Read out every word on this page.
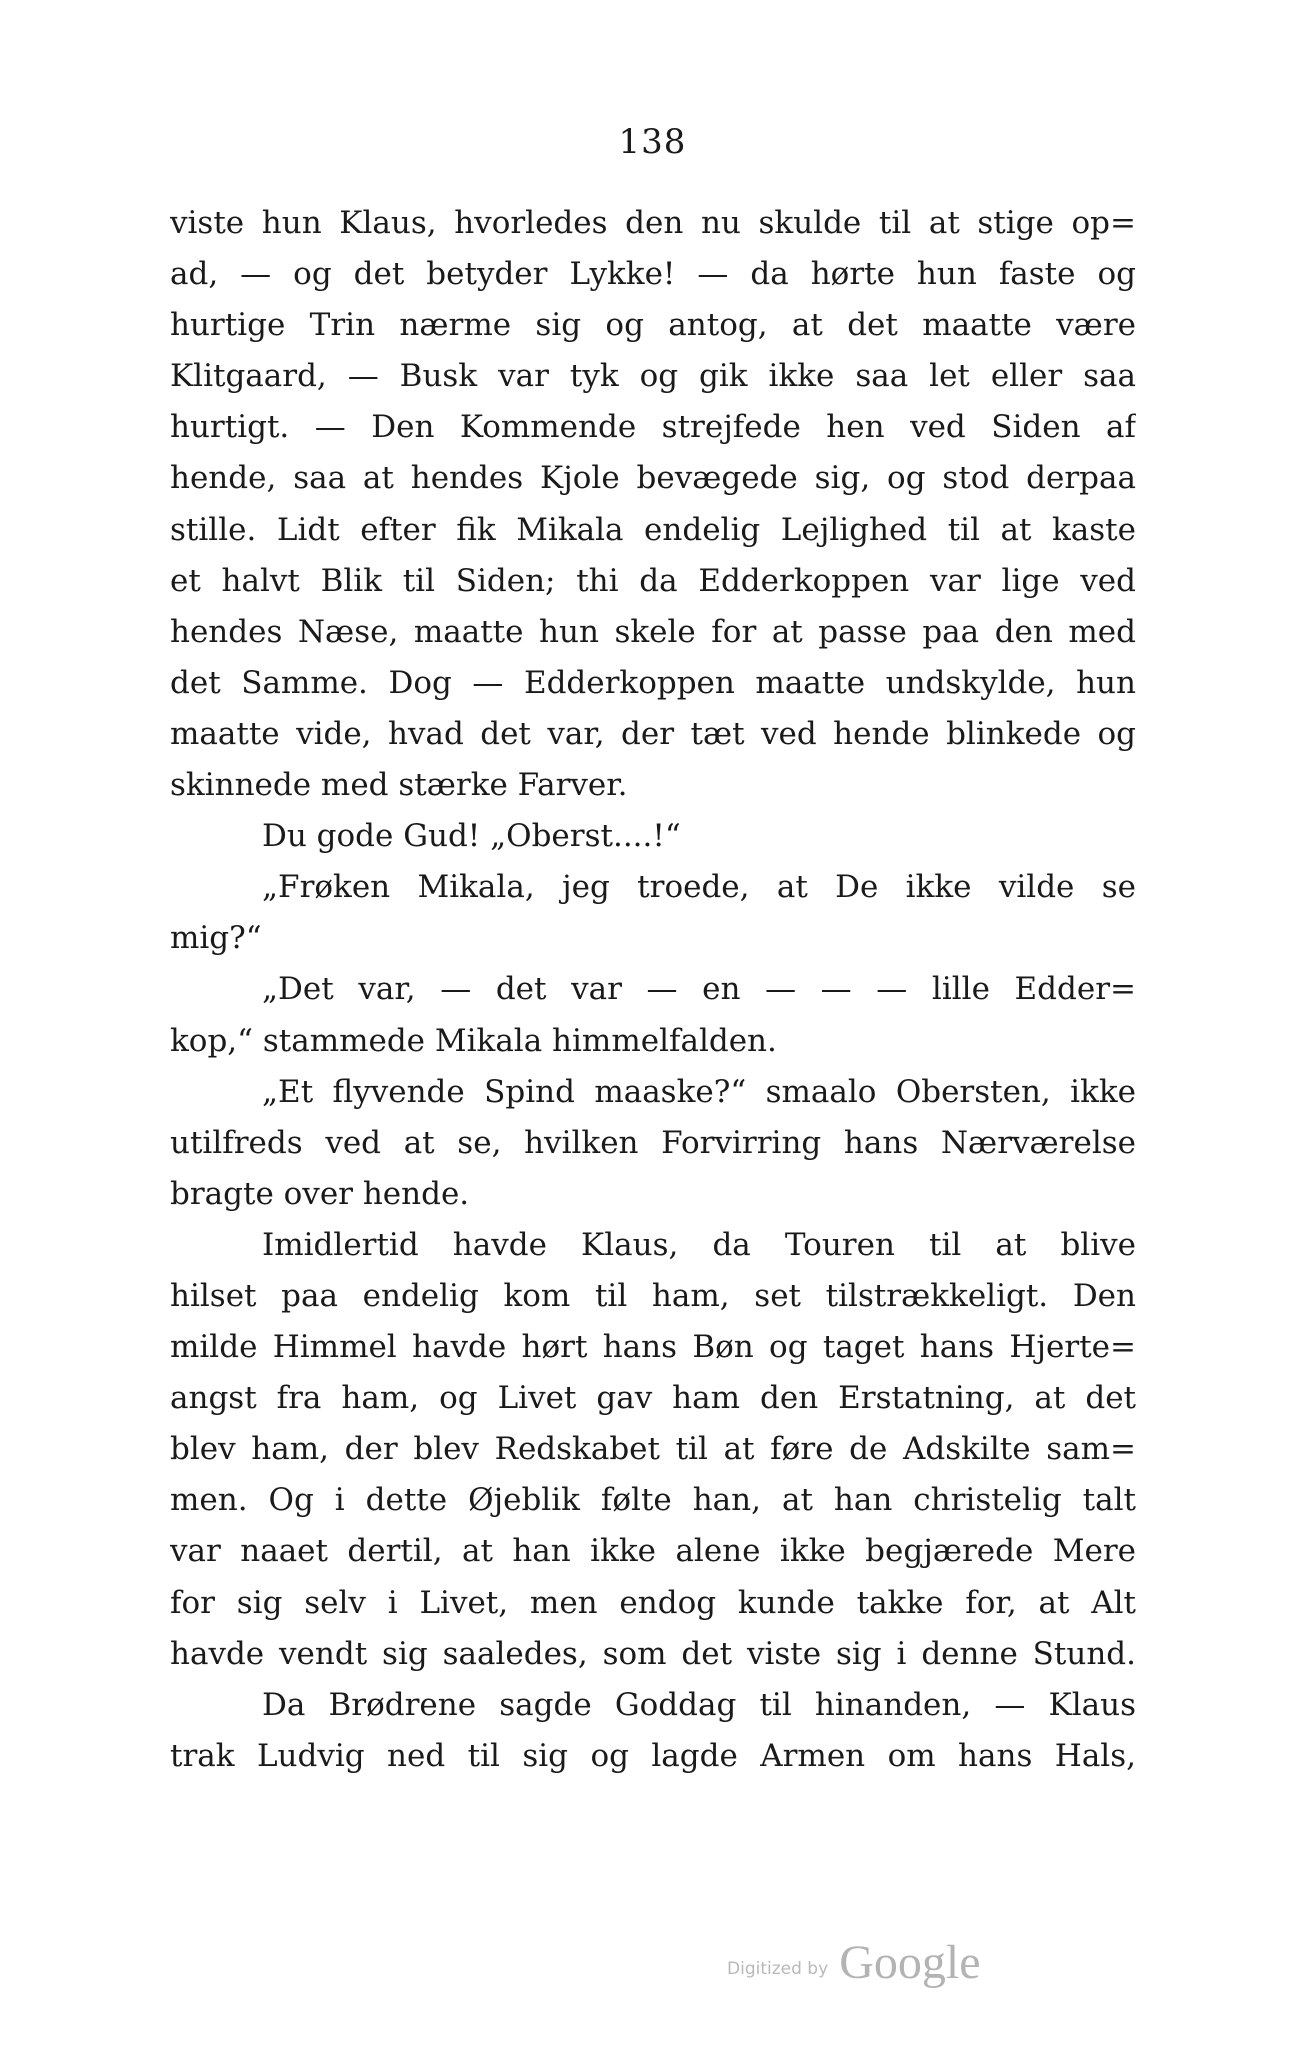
138
viste hun Klaus, hvorledes den nu skulde til at stige op=
ad, — og det betyder Lykke! — da hørte hun faste og
hurtige Trin nærme sig og antog, at det maatte være
Klitgaard, — Busk var tyk og gik ikke saa let eller saa
hurtigt. — Den Kommende strejfede hen ved Siden af
hende, saa at hendes Kjole bevægede sig, og stod derpaa
stille. Lidt efter fik Mikala endelig Lejlighed til at kaste
et halvt Blik til Siden; thi da Edderkoppen var lige ved
hendes Næse, maatte hun skele for at passe paa den med
det Samme. Dog — Edderkoppen maatte undskylde, hun
maatte vide, hvad det var, der tæt ved hende blinkede og
skinnede med stærke Farver.
Du gode Gud! „Oberst....!“
„Frøken Mikala, jeg troede, at De ikke vilde se
mig?“
„Det var, — det var — en — — — lille Edder=
kop,“ stammede Mikala himmelfalden.
„Et flyvende Spind maaske?“ smaalo Obersten, ikke
utilfreds ved at se, hvilken Forvirring hans Nærværelse
bragte over hende.
Imidlertid havde Klaus, da Touren til at blive
hilset paa endelig kom til ham, set tilstrækkeligt. Den
milde Himmel havde hørt hans Bøn og taget hans Hjerte=
angst fra ham, og Livet gav ham den Erstatning, at det
blev ham, der blev Redskabet til at føre de Adskilte sam=
men. Og i dette Øjeblik følte han, at han christelig talt
var naaet dertil, at han ikke alene ikke begjærede Mere
for sig selv i Livet, men endog kunde takke for, at Alt
havde vendt sig saaledes, som det viste sig i denne Stund.
Da Brødrene sagde Goddag til hinanden, — Klaus
trak Ludvig ned til sig og lagde Armen om hans Hals,
Digitized by Google
